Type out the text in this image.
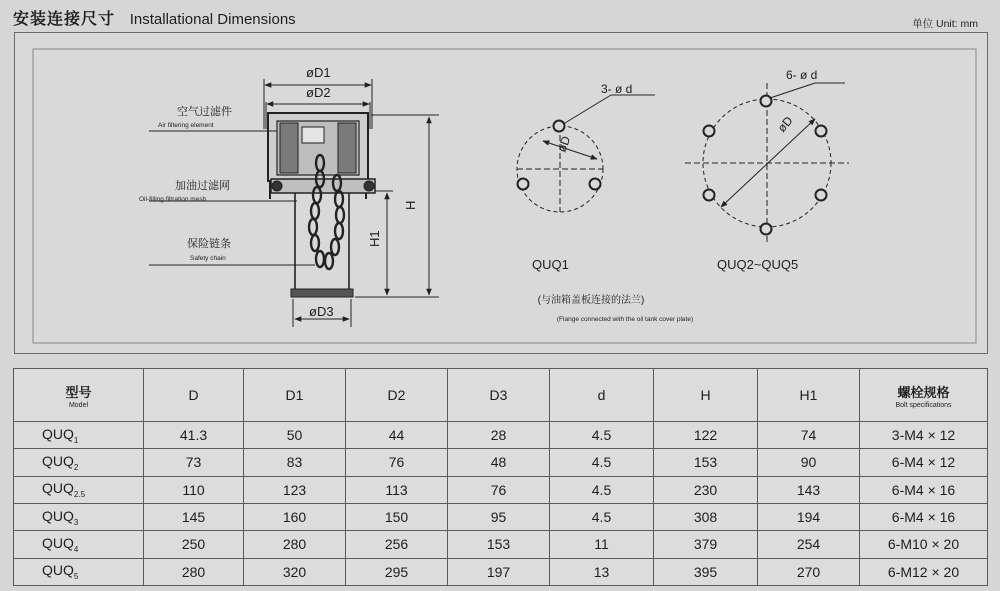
安装连接尺寸 Installational Dimensions	单位 Unit: mm
øD1
øD2
øD3
H
H1
空气过滤件
Air filtering element
加油过滤网
Oil-filling filtration mesh
保险链条
Safety chain
3- ø d
øD
QUQ1
6- ø d
øD
QUQ2~QUQ5
(与油箱盖板连接的法兰)
(Flange connected with the oil tank cover plate)
型号
Model	D	D1	D2	D3	d	H	H1	螺栓规格
Bolt specifications

$QUQ_1$	41.3	50	44	28	4.5	122	74	3-M4 × 12
$QUQ_2$	73	83	76	48	4.5	153	90	6-M4 × 12
$QUQ_{2.5}$	110	123	113	76	4.5	230	143	6-M4 × 16
$QUQ_3$	145	160	150	95	4.5	308	194	6-M4 × 16
$QUQ_4$	250	280	256	153	11	379	254	6-M10 × 20
$QUQ_5$	280	320	295	197	13	395	270	6-M12 × 20
